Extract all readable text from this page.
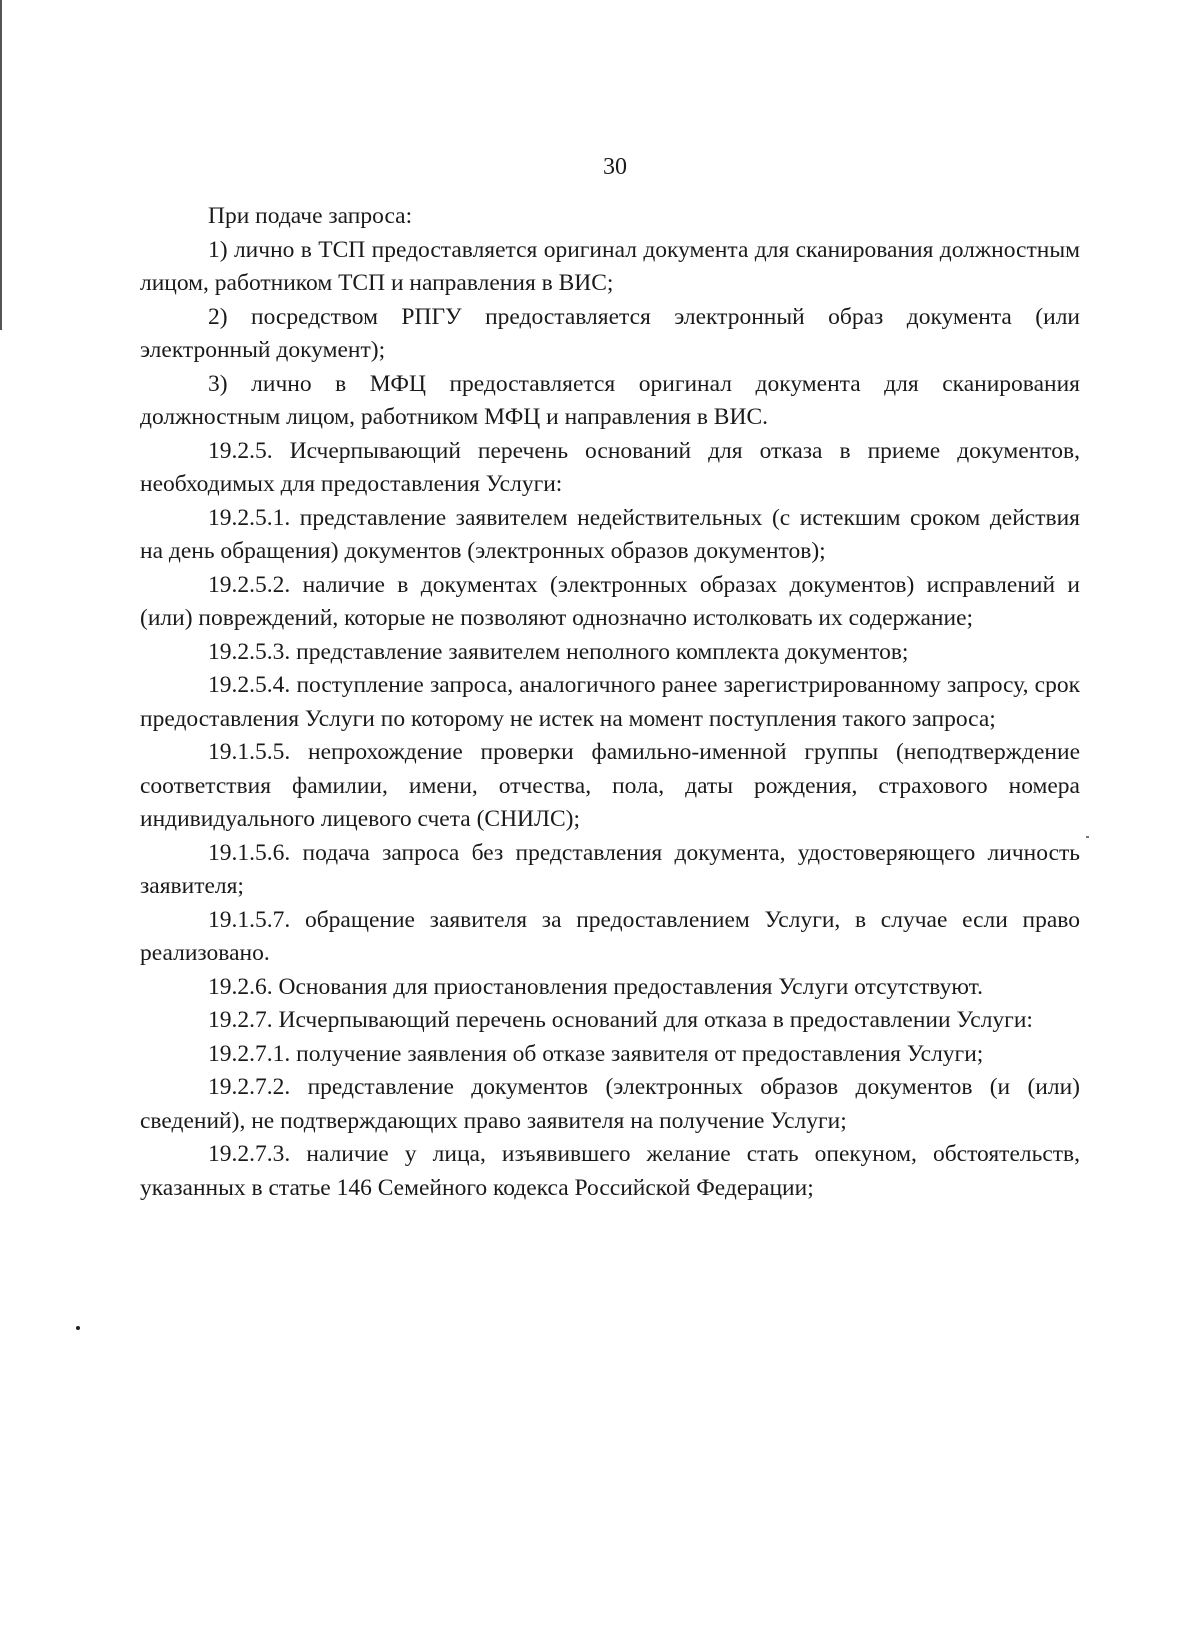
30

При подаче запроса:

1) лично в ТСП предоставляется оригинал документа для сканирования должностным лицом, работником ТСП и направления в ВИС;

2) посредством РПГУ предоставляется электронный образ документа (или электронный документ);

3) лично в МФЦ предоставляется оригинал документа для сканирования должностным лицом, работником МФЦ и направления в ВИС.

19.2.5. Исчерпывающий перечень оснований для отказа в приеме документов, необходимых для предоставления Услуги:

19.2.5.1. представление заявителем недействительных (с истекшим сроком действия на день обращения) документов (электронных образов документов);

19.2.5.2. наличие в документах (электронных образах документов) исправлений и (или) повреждений, которые не позволяют однозначно истолковать их содержание;

19.2.5.3. представление заявителем неполного комплекта документов;

19.2.5.4. поступление запроса, аналогичного ранее зарегистрированному запросу, срок предоставления Услуги по которому не истек на момент поступления такого запроса;

19.1.5.5. непрохождение проверки фамильно-именной группы (неподтверждение соответствия фамилии, имени, отчества, пола, даты рождения, страхового номера индивидуального лицевого счета (СНИЛС);

19.1.5.6. подача запроса без представления документа, удостоверяющего личность заявителя;

19.1.5.7. обращение заявителя за предоставлением Услуги, в случае если право реализовано.

19.2.6. Основания для приостановления предоставления Услуги отсутствуют.

19.2.7. Исчерпывающий перечень оснований для отказа в предоставлении Услуги:

19.2.7.1. получение заявления об отказе заявителя от предоставления Услуги;

19.2.7.2. представление документов (электронных образов документов (и (или) сведений), не подтверждающих право заявителя на получение Услуги;

19.2.7.3. наличие у лица, изъявившего желание стать опекуном, обстоятельств, указанных в статье 146 Семейного кодекса Российской Федерации;
